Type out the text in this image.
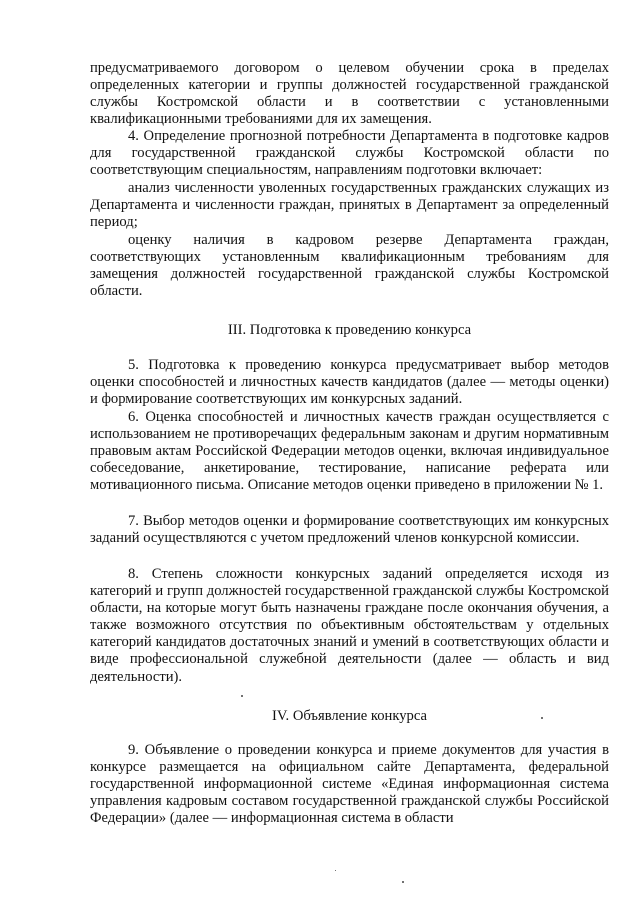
предусматриваемого договором о целевом обучении срока в пределах определенных категории и группы должностей государственной гражданской службы Костромской области и в соответствии с установленными квалификационными требованиями для их замещения.

4. Определение прогнозной потребности Департамента в подготовке кадров для государственной гражданской службы Костромской области по соответствующим специальностям, направлениям подготовки включает:

анализ численности уволенных государственных гражданских служащих из Департамента и численности граждан, принятых в Департамент за определенный период;

оценку наличия в кадровом резерве Департамента граждан, соответствующих установленным квалификационным требованиям для замещения должностей государственной гражданской службы Костромской области.

III. Подготовка к проведению конкурса

5. Подготовка к проведению конкурса предусматривает выбор методов оценки способностей и личностных качеств кандидатов (далее — методы оценки) и формирование соответствующих им конкурсных заданий.

6. Оценка способностей и личностных качеств граждан осуществляется с использованием не противоречащих федеральным законам и другим нормативным правовым актам Российской Федерации методов оценки, включая индивидуальное собеседование, анкетирование, тестирование, написание реферата или мотивационного письма. Описание методов оценки приведено в приложении № 1.

7. Выбор методов оценки и формирование соответствующих им конкурсных заданий осуществляются с учетом предложений членов конкурсной комиссии.

8. Степень сложности конкурсных заданий определяется исходя из категорий и групп должностей государственной гражданской службы Костромской области, на которые могут быть назначены граждане после окончания обучения, а также возможного отсутствия по объективным обстоятельствам у отдельных категорий кандидатов достаточных знаний и умений в соответствующих области и виде профессиональной служебной деятельности (далее — область и вид деятельности).

IV. Объявление конкурса

9. Объявление о проведении конкурса и приеме документов для участия в конкурсе размещается на официальном сайте Департамента, федеральной государственной информационной системе «Единая информационная система управления кадровым составом государственной гражданской службы Российской Федерации» (далее — информационная система в области
